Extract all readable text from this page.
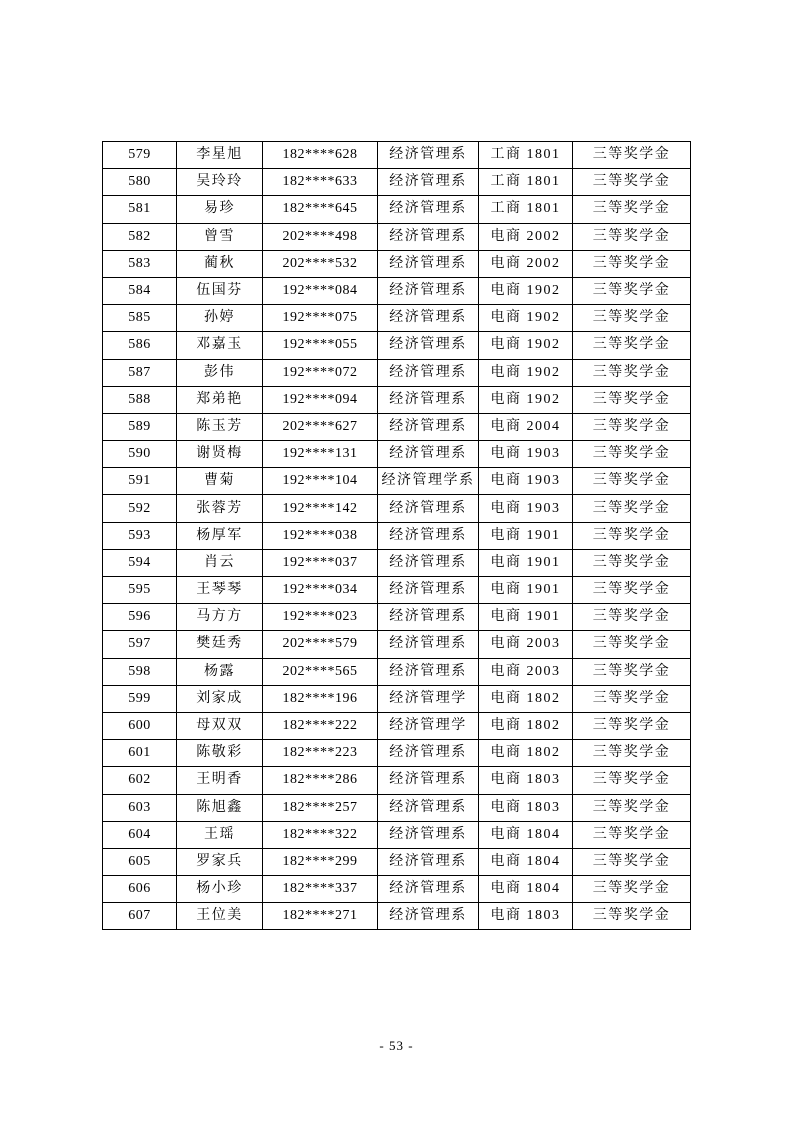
579	李星旭	182****628	经济管理系	工商 1801	三等奖学金
580	吴玲玲	182****633	经济管理系	工商 1801	三等奖学金
581	易珍	182****645	经济管理系	工商 1801	三等奖学金
582	曾雪	202****498	经济管理系	电商 2002	三等奖学金
583	蔺秋	202****532	经济管理系	电商 2002	三等奖学金
584	伍国芬	192****084	经济管理系	电商 1902	三等奖学金
585	孙婷	192****075	经济管理系	电商 1902	三等奖学金
586	邓嘉玉	192****055	经济管理系	电商 1902	三等奖学金
587	彭伟	192****072	经济管理系	电商 1902	三等奖学金
588	郑弟艳	192****094	经济管理系	电商 1902	三等奖学金
589	陈玉芳	202****627	经济管理系	电商 2004	三等奖学金
590	谢贤梅	192****131	经济管理系	电商 1903	三等奖学金
591	曹菊	192****104	经济管理学系	电商 1903	三等奖学金
592	张蓉芳	192****142	经济管理系	电商 1903	三等奖学金
593	杨厚军	192****038	经济管理系	电商 1901	三等奖学金
594	肖云	192****037	经济管理系	电商 1901	三等奖学金
595	王琴琴	192****034	经济管理系	电商 1901	三等奖学金
596	马方方	192****023	经济管理系	电商 1901	三等奖学金
597	樊廷秀	202****579	经济管理系	电商 2003	三等奖学金
598	杨露	202****565	经济管理系	电商 2003	三等奖学金
599	刘家成	182****196	经济管理学	电商 1802	三等奖学金
600	母双双	182****222	经济管理学	电商 1802	三等奖学金
601	陈敬彩	182****223	经济管理系	电商 1802	三等奖学金
602	王明香	182****286	经济管理系	电商 1803	三等奖学金
603	陈旭鑫	182****257	经济管理系	电商 1803	三等奖学金
604	王瑶	182****322	经济管理系	电商 1804	三等奖学金
605	罗家兵	182****299	经济管理系	电商 1804	三等奖学金
606	杨小珍	182****337	经济管理系	电商 1804	三等奖学金
607	王位美	182****271	经济管理系	电商 1803	三等奖学金
- 53 -
